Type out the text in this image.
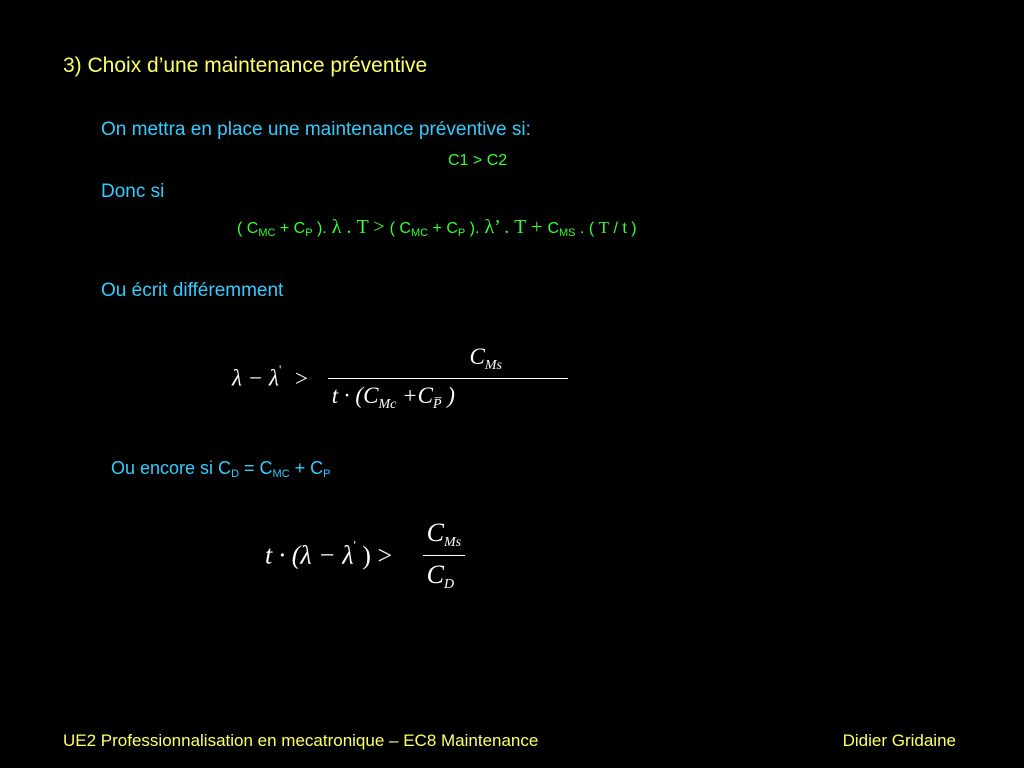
3) Choix d’une maintenance préventive
On mettra en place une maintenance préventive si:
C1 > C2
Donc si
( $C_{MC} + C_P$ ). λ . T > ( $C_{MC} + C_P$ ). λ’ . $T + C_{MS}$ . ( T / t )
Ou écrit différemment
$\lambda - \lambda' > \frac{C_{Ms}}{t \cdot (C_{Mc} +C_{P̅} )}$
Ou encore si $C_D = C_{MC} + C_P$
t · (λ − λ' ) > $\frac{\text{CMs}}{CD}$
UE2 Professionnalisation en mecatronique – EC8 Maintenance	Didier Gridaine
